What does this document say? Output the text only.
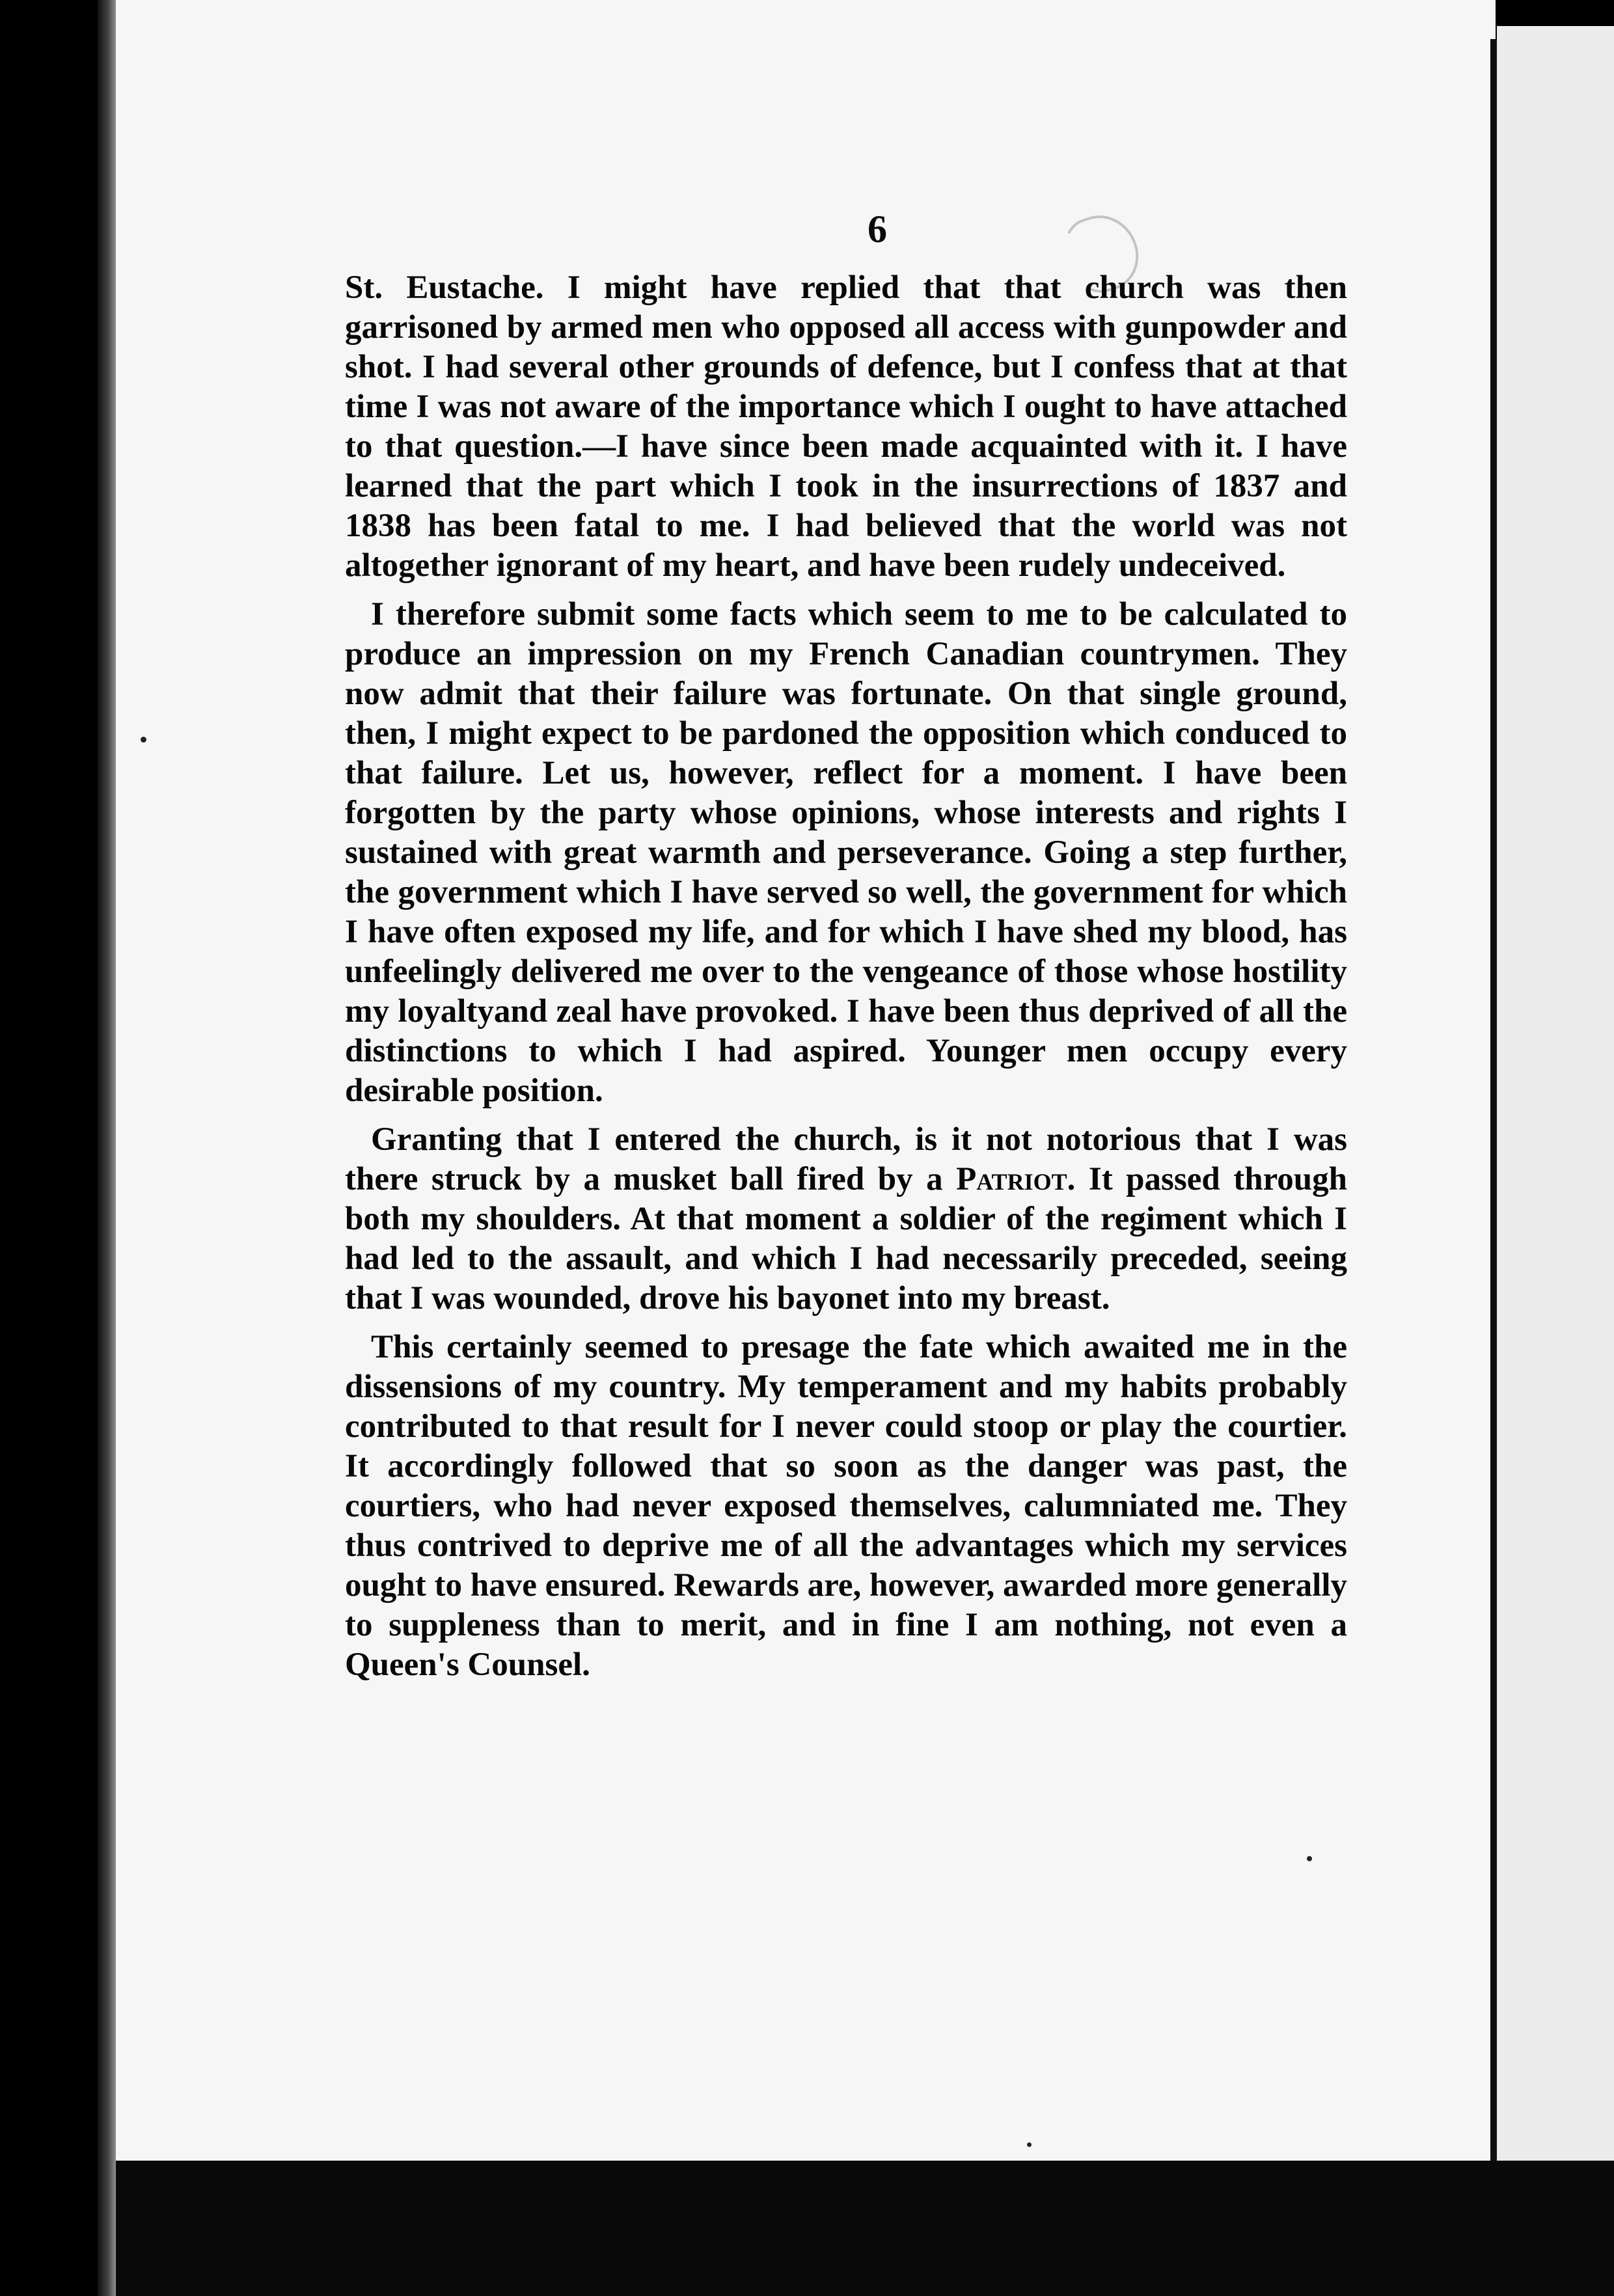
6

St. Eustache. I might have replied that that church was then garrisoned by armed men who opposed all access with gunpowder and shot. I had several other grounds of defence, but I confess that at that time I was not aware of the importance which I ought to have attached to that question.—I have since been made acquainted with it. I have learned that the part which I took in the insurrections of 1837 and 1838 has been fatal to me. I had believed that the world was not altogether ignorant of my heart, and have been rudely undeceived.

I therefore submit some facts which seem to me to be calculated to produce an impression on my French Canadian countrymen. They now admit that their failure was fortunate. On that single ground, then, I might expect to be pardoned the opposition which conduced to that failure. Let us, however, reflect for a moment. I have been forgotten by the party whose opinions, whose interests and rights I sustained with great warmth and perseverance. Going a step further, the government which I have served so well, the government for which I have often exposed my life, and for which I have shed my blood, has unfeelingly delivered me over to the vengeance of those whose hostility my loyaltyand zeal have provoked. I have been thus deprived of all the distinctions to which I had aspired. Younger men occupy every desirable position.

Granting that I entered the church, is it not notorious that I was there struck by a musket ball fired by a Patriot. It passed through both my shoulders. At that moment a soldier of the regiment which I had led to the assault, and which I had necessarily preceded, seeing that I was wounded, drove his bayonet into my breast.

This certainly seemed to presage the fate which awaited me in the dissensions of my country. My temperament and my habits probably contributed to that result for I never could stoop or play the courtier. It accordingly followed that so soon as the danger was past, the courtiers, who had never exposed themselves, calumniated me. They thus contrived to deprive me of all the advantages which my services ought to have ensured. Rewards are, however, awarded more generally to suppleness than to merit, and in fine I am nothing, not even a Queen's Counsel.
